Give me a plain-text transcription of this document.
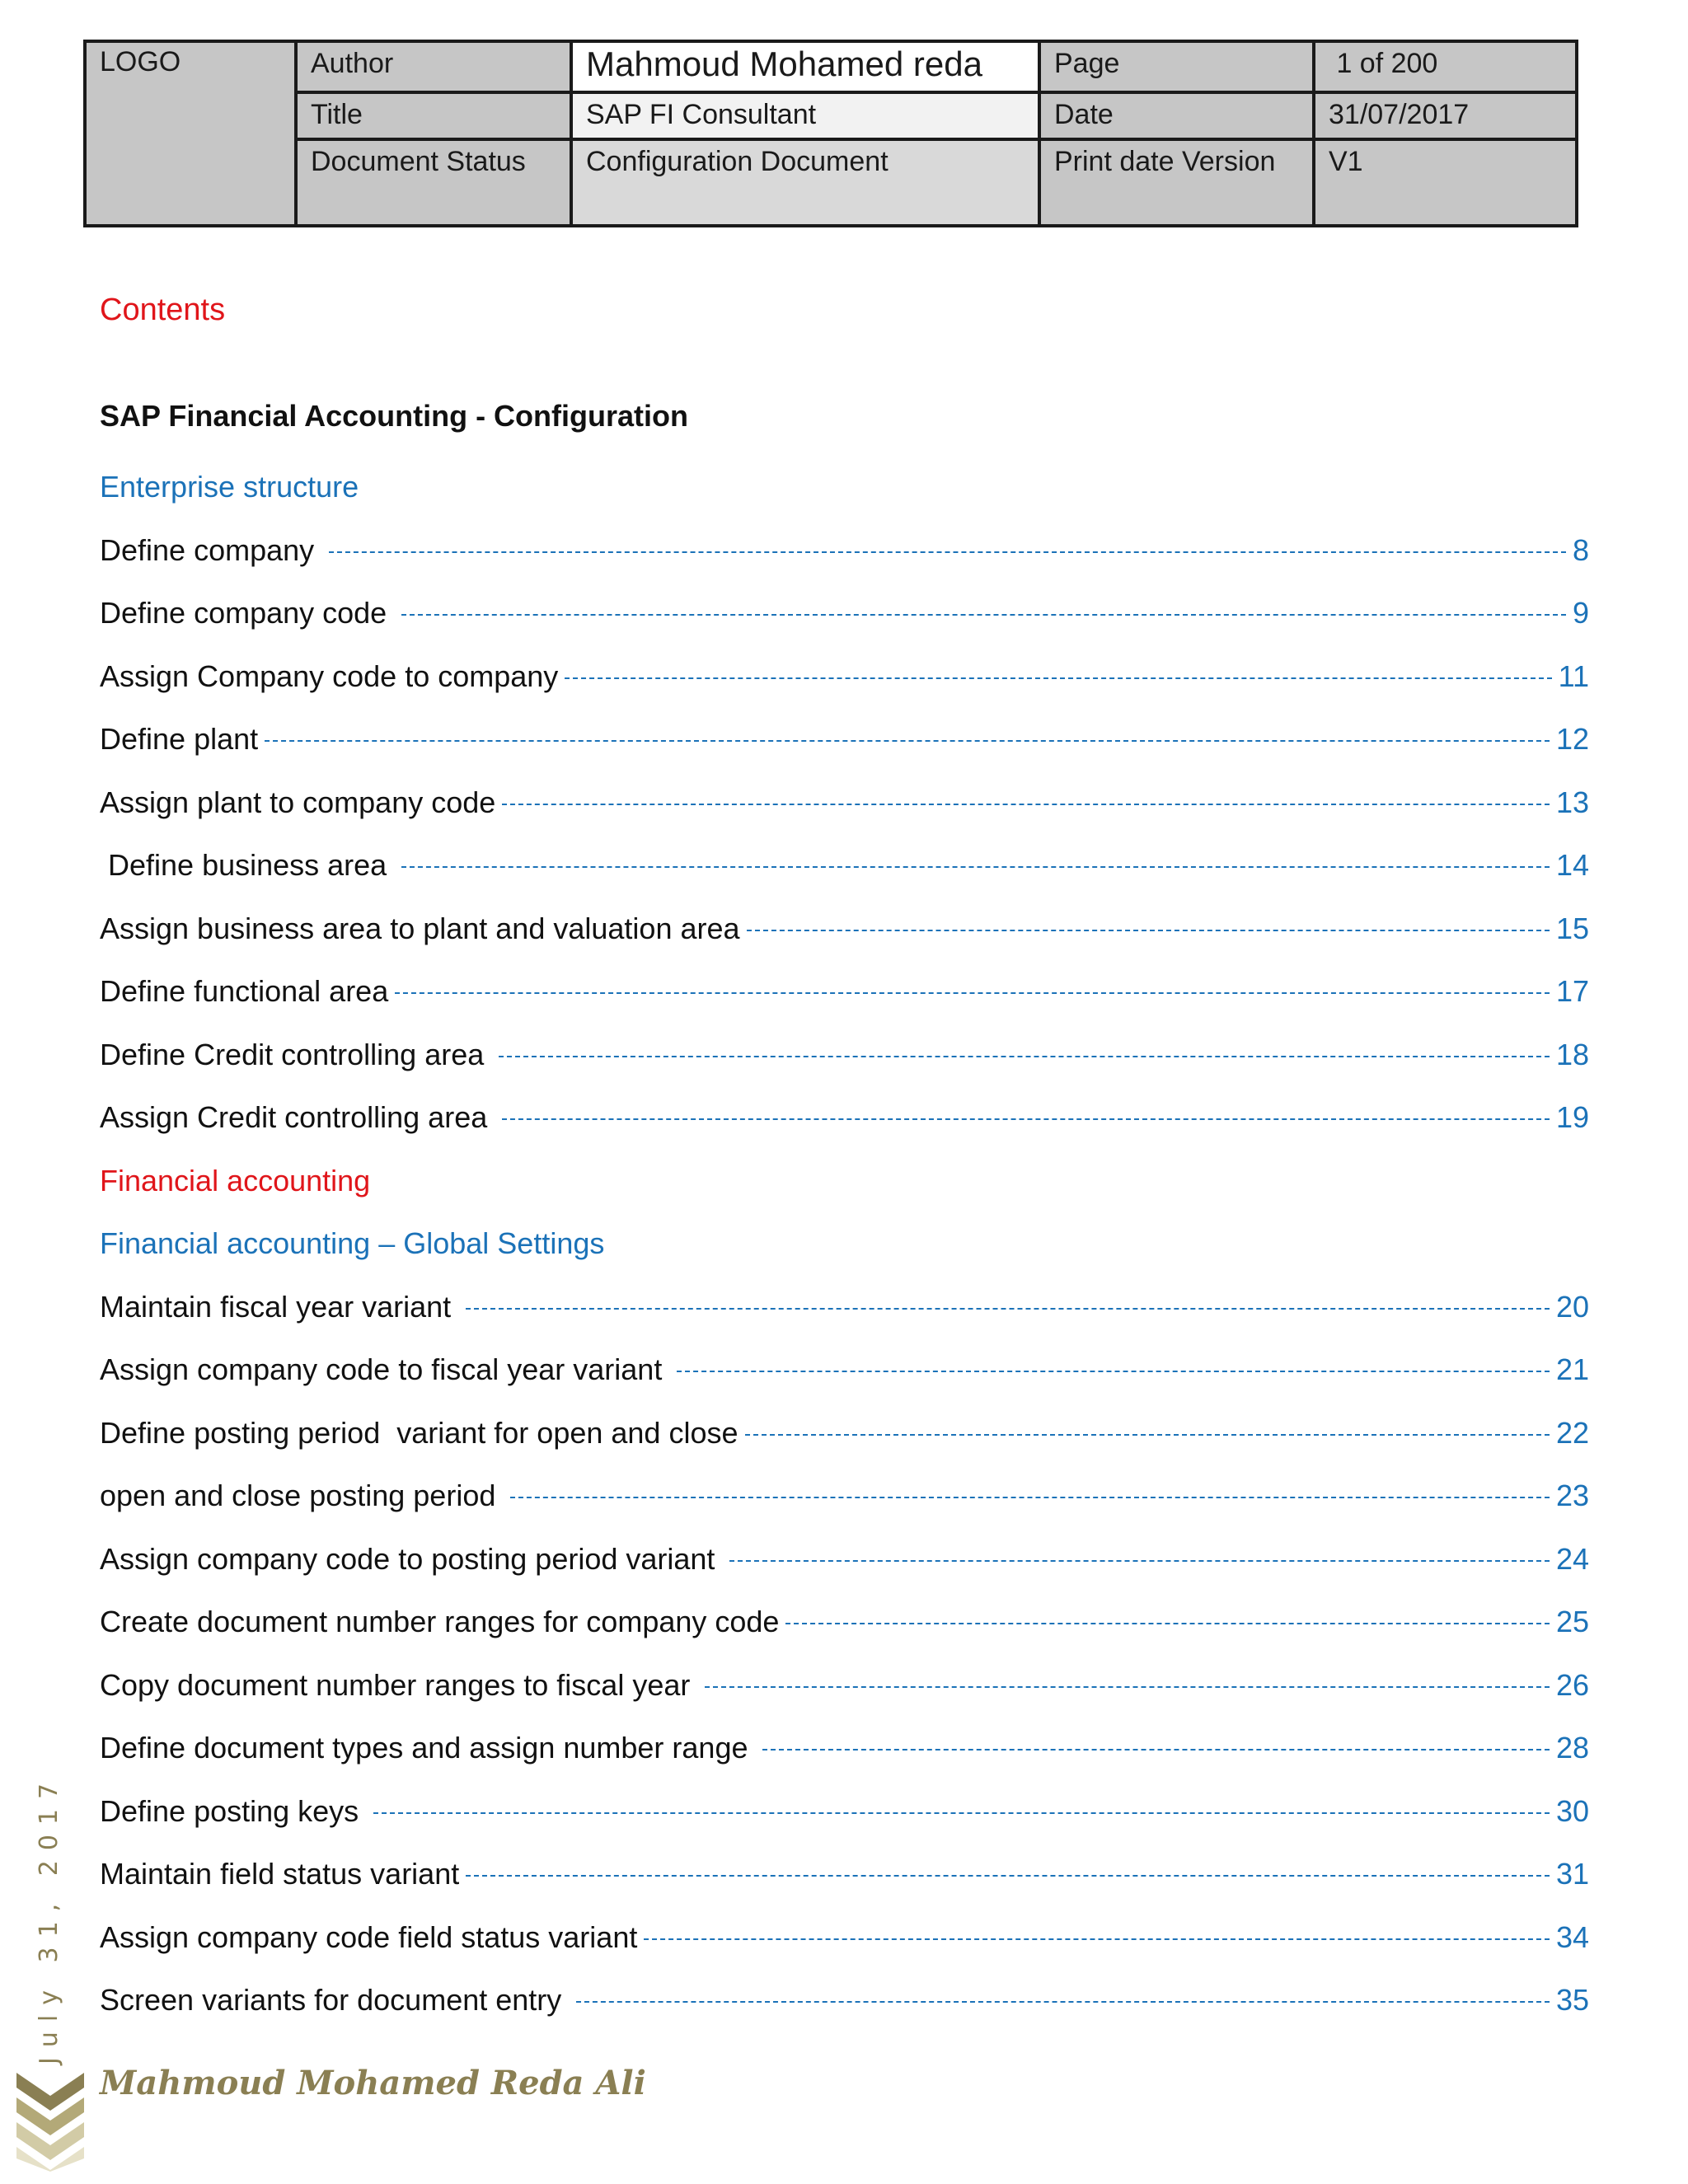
LOGO	Author	Mahmoud Mohamed reda	Page	1 of 200
	Title	SAP FI Consultant	Date	31/07/2017
	Document Status	Configuration Document	Print date Version	V1
Contents
SAP Financial Accounting - Configuration
Enterprise structure
Define company	8
Define company code	9
Assign Company code to company	11
Define plant	12
Assign plant to company code	13
Define business area	14
Assign business area to plant and valuation area	15
Define functional area	17
Define Credit controlling area	18
Assign Credit controlling area	19
Financial accounting
Financial accounting – Global Settings
Maintain fiscal year variant	20
Assign company code to fiscal year variant	21
Define posting period  variant for open and close	22
open and close posting period	23
Assign company code to posting period variant	24
Create document number ranges for company code	25
Copy document number ranges to fiscal year	26
Define document types and assign number range	28
Define posting keys	30
Maintain field status variant	31
Assign company code field status variant	34
Screen variants for document entry	35
July 31, 2017
Mahmoud Mohamed Reda Ali
